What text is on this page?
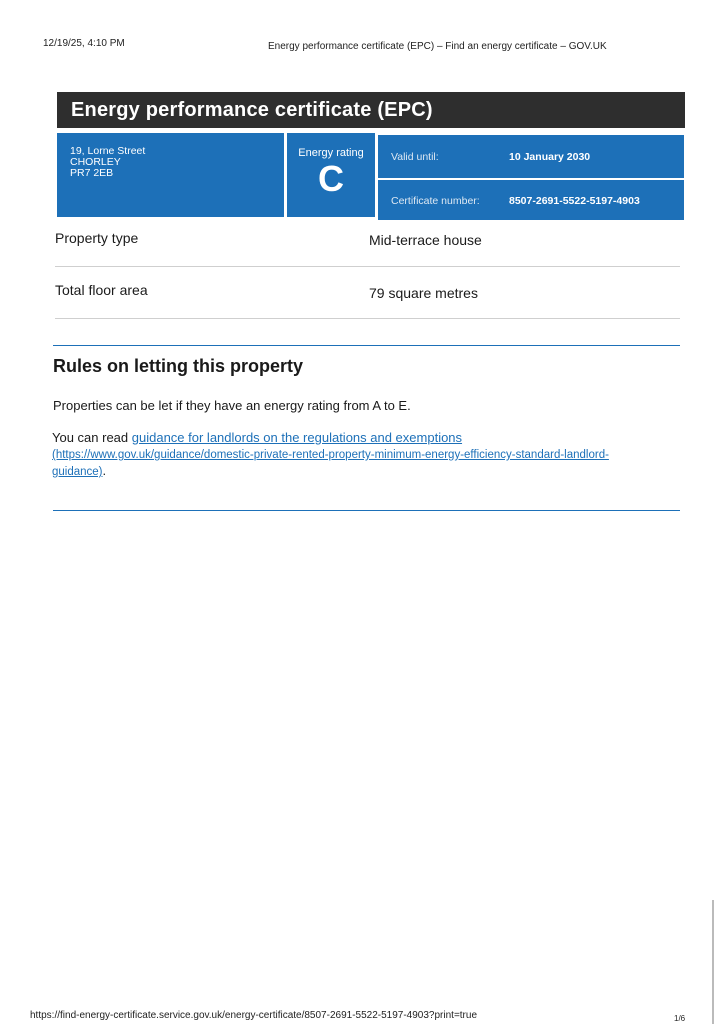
12/19/25, 4:10 PM	Energy performance certificate (EPC) – Find an energy certificate – GOV.UK
Energy performance certificate (EPC)
19, Lorne Street
CHORLEY
PR7 2EB
Energy rating
C
Valid until:	10 January 2030
Certificate number:	8507-2691-5522-5197-4903
Property type	Mid-terrace house
Total floor area	79 square metres
Rules on letting this property

Properties can be let if they have an energy rating from A to E.

You can read guidance for landlords on the regulations and exemptions
(https://www.gov.uk/guidance/domestic-private-rented-property-minimum-energy-efficiency-standard-landlord-guidance).

https://find-energy-certificate.service.gov.uk/energy-certificate/8507-2691-5522-5197-4903?print=true	1/6
